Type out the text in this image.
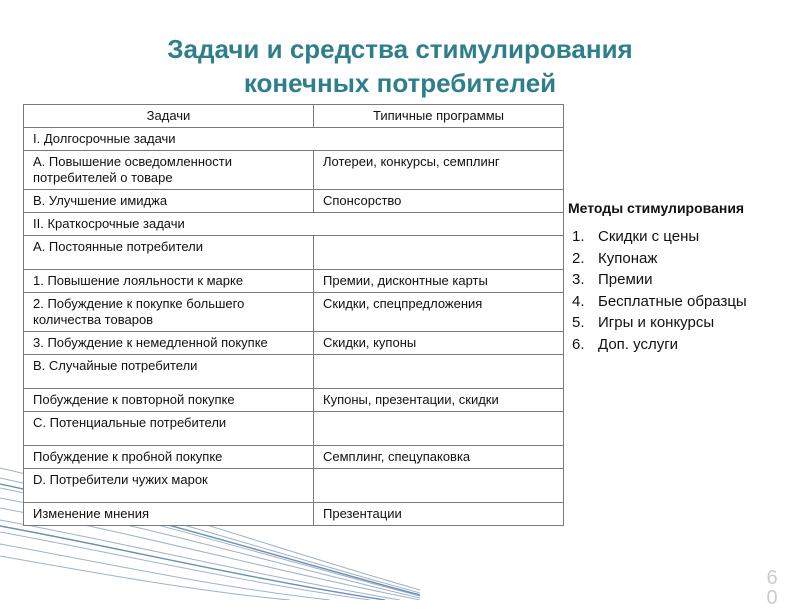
Задачи и средства стимулирования
конечных потребителей
Задачи	Типичные программы
I. Долгосрочные задачи	
А. Повышение осведомленности потребителей о товаре	Лотереи, конкурсы, семплинг
В. Улучшение имиджа	Спонсорство
II. Краткосрочные задачи	
А. Постоянные потребители	
1. Повышение лояльности к марке	Премии, дисконтные карты
2. Побуждение к покупке большего количества товаров	Скидки, спецпредложения
3. Побуждение к немедленной покупке	Скидки, купоны
В. Случайные потребители	
Побуждение к повторной покупке	Купоны, презентации, скидки
С. Потенциальные потребители	
Побуждение к пробной покупке	Семплинг, спецупаковка
D. Потребители чужих марок	
Изменение мнения	Презентации
Методы стимулирования
1. Скидки с цены
2. Купонаж
3. Премии
4. Бесплатные образцы
5. Игры и конкурсы
6. Доп. услуги
6
0
